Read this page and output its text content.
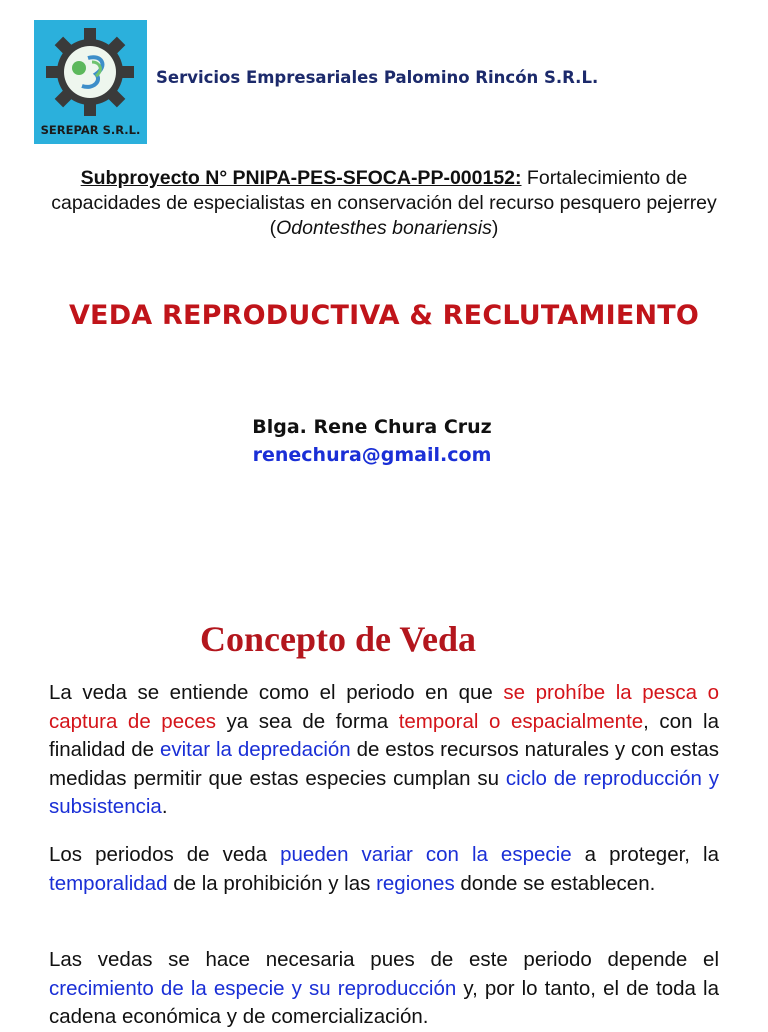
SEREPAR S.R.L.
Servicios Empresariales Palomino Rincón S.R.L.
Subproyecto N° PNIPA-PES-SFOCA-PP-000152: Fortalecimiento de capacidades de especialistas en conservación del recurso pesquero pejerrey (Odontesthes bonariensis)
VEDA REPRODUCTIVA & RECLUTAMIENTO
Blga. Rene Chura Cruz
renechura@gmail.com
Concepto de Veda
La veda se entiende como el periodo en que se prohíbe la pesca o captura de peces ya sea de forma temporal o espacialmente, con la finalidad de evitar la depredación de estos recursos naturales y con estas medidas permitir que estas especies cumplan su ciclo de reproducción y subsistencia.
Los periodos de veda pueden variar con la especie a proteger, la temporalidad de la prohibición y las regiones donde se establecen.
Las vedas se hace necesaria pues de este periodo depende el crecimiento de la especie y su reproducción y, por lo tanto, el de toda la cadena económica y de comercialización.
